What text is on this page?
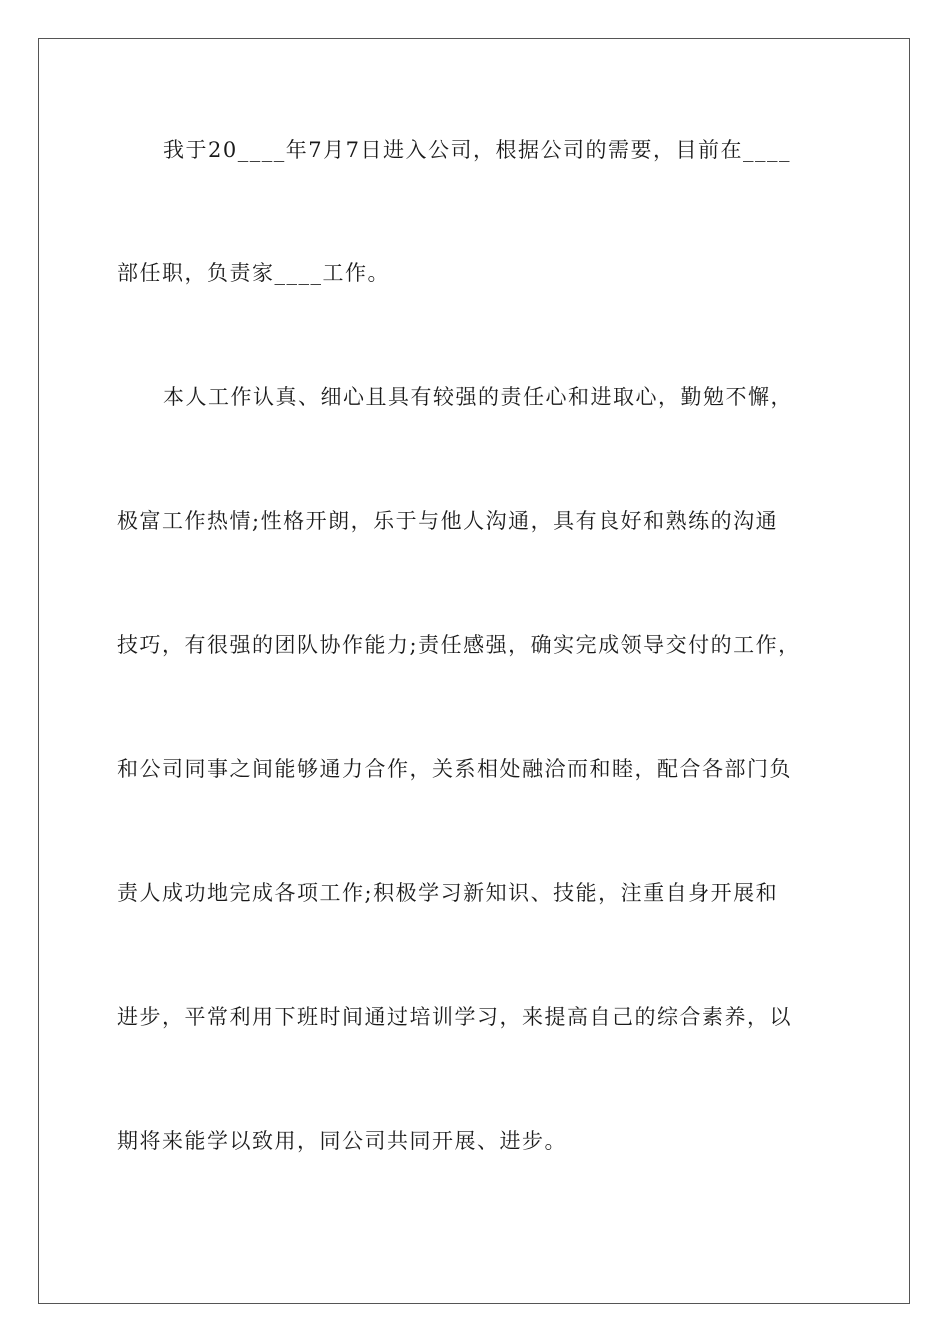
我于20____年7月7日进入公司，根据公司的需要，目前在____
部任职，负责家____工作。
本人工作认真、细心且具有较强的责任心和进取心，勤勉不懈，
极富工作热情;性格开朗，乐于与他人沟通，具有良好和熟练的沟通
技巧，有很强的团队协作能力;责任感强，确实完成领导交付的工作，
和公司同事之间能够通力合作，关系相处融洽而和睦，配合各部门负
责人成功地完成各项工作;积极学习新知识、技能，注重自身开展和
进步，平常利用下班时间通过培训学习，来提高自己的综合素养，以
期将来能学以致用，同公司共同开展、进步。
